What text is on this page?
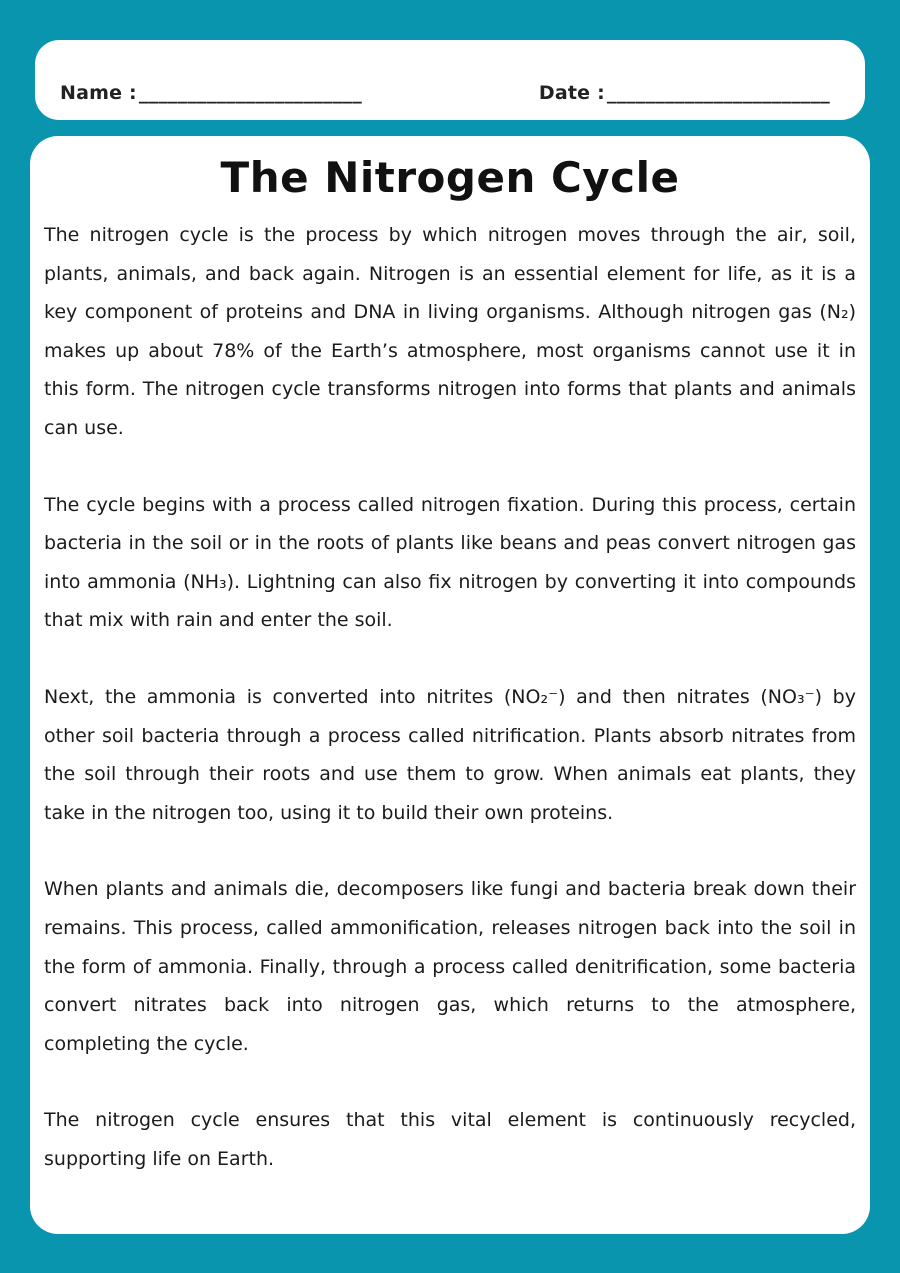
Name : _______________________	Date : _______________________
The Nitrogen Cycle

The nitrogen cycle is the process by which nitrogen moves through the air, soil, plants, animals, and back again. Nitrogen is an essential element for life, as it is a key component of proteins and DNA in living organisms. Although nitrogen gas (N₂) makes up about 78% of the Earth’s atmosphere, most organisms cannot use it in this form. The nitrogen cycle transforms nitrogen into forms that plants and animals can use.

The cycle begins with a process called nitrogen fixation. During this process, certain bacteria in the soil or in the roots of plants like beans and peas convert nitrogen gas into ammonia (NH₃). Lightning can also fix nitrogen by converting it into compounds that mix with rain and enter the soil.

Next, the ammonia is converted into nitrites (NO₂⁻) and then nitrates (NO₃⁻) by other soil bacteria through a process called nitrification. Plants absorb nitrates from the soil through their roots and use them to grow. When animals eat plants, they take in the nitrogen too, using it to build their own proteins.

When plants and animals die, decomposers like fungi and bacteria break down their remains. This process, called ammonification, releases nitrogen back into the soil in the form of ammonia. Finally, through a process called denitrification, some bacteria convert nitrates back into nitrogen gas, which returns to the atmosphere, completing the cycle.

The nitrogen cycle ensures that this vital element is continuously recycled, supporting life on Earth.
